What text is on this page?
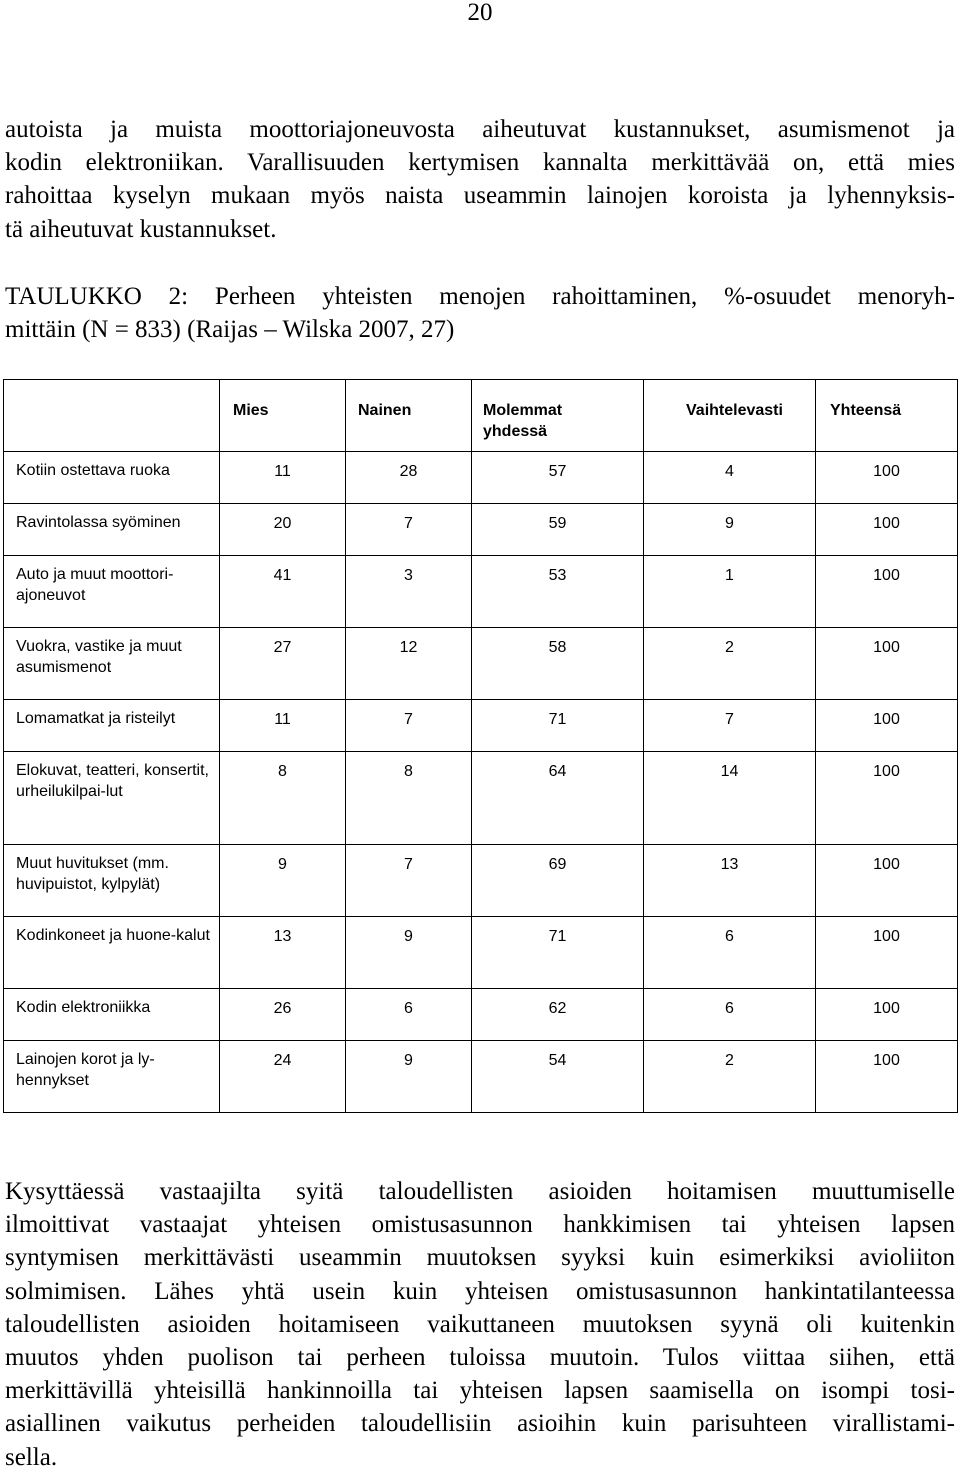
20

autoista ja muista moottoriajoneuvosta aiheutuvat kustannukset, asumismenot ja
kodin elektroniikan. Varallisuuden kertymisen kannalta merkittävää on, että mies
rahoittaa kyselyn mukaan myös naista useammin lainojen koroista ja lyhennyksis-
tä aiheutuvat kustannukset.

TAULUKKO 2: Perheen yhteisten menojen rahoittaminen, %-osuudet menoryh-
mittäin (N = 833) (Raijas – Wilska 2007, 27)

	Mies	Nainen	Molemmat yhdessä	Vaihtelevasti	Yhteensä
Kotiin ostettava ruoka	11	28	57	4	100
Ravintolassa syöminen	20	7	59	9	100
Auto ja muut moottori-ajoneuvot	41	3	53	1	100
Vuokra, vastike ja muut asumismenot	27	12	58	2	100
Lomamatkat ja risteilyt	11	7	71	7	100
Elokuvat, teatteri, konsertit, urheilukilpai-lut	8	8	64	14	100
Muut huvitukset (mm. huvipuistot, kylpylät)	9	7	69	13	100
Kodinkoneet ja huone-kalut	13	9	71	6	100
Kodin elektroniikka	26	6	62	6	100
Lainojen korot ja ly-hennykset	24	9	54	2	100

Kysyttäessä vastaajilta syitä taloudellisten asioiden hoitamisen muuttumiselle
ilmoittivat vastaajat yhteisen omistusasunnon hankkimisen tai yhteisen lapsen
syntymisen merkittävästi useammin muutoksen syyksi kuin esimerkiksi avioliiton
solmimisen. Lähes yhtä usein kuin yhteisen omistusasunnon hankintatilanteessa
taloudellisten asioiden hoitamiseen vaikuttaneen muutoksen syynä oli kuitenkin
muutos yhden puolison tai perheen tuloissa muutoin. Tulos viittaa siihen, että
merkittävillä yhteisillä hankinnoilla tai yhteisen lapsen saamisella on isompi tosi-
asiallinen vaikutus perheiden taloudellisiin asioihin kuin parisuhteen virallistami-
sella.
